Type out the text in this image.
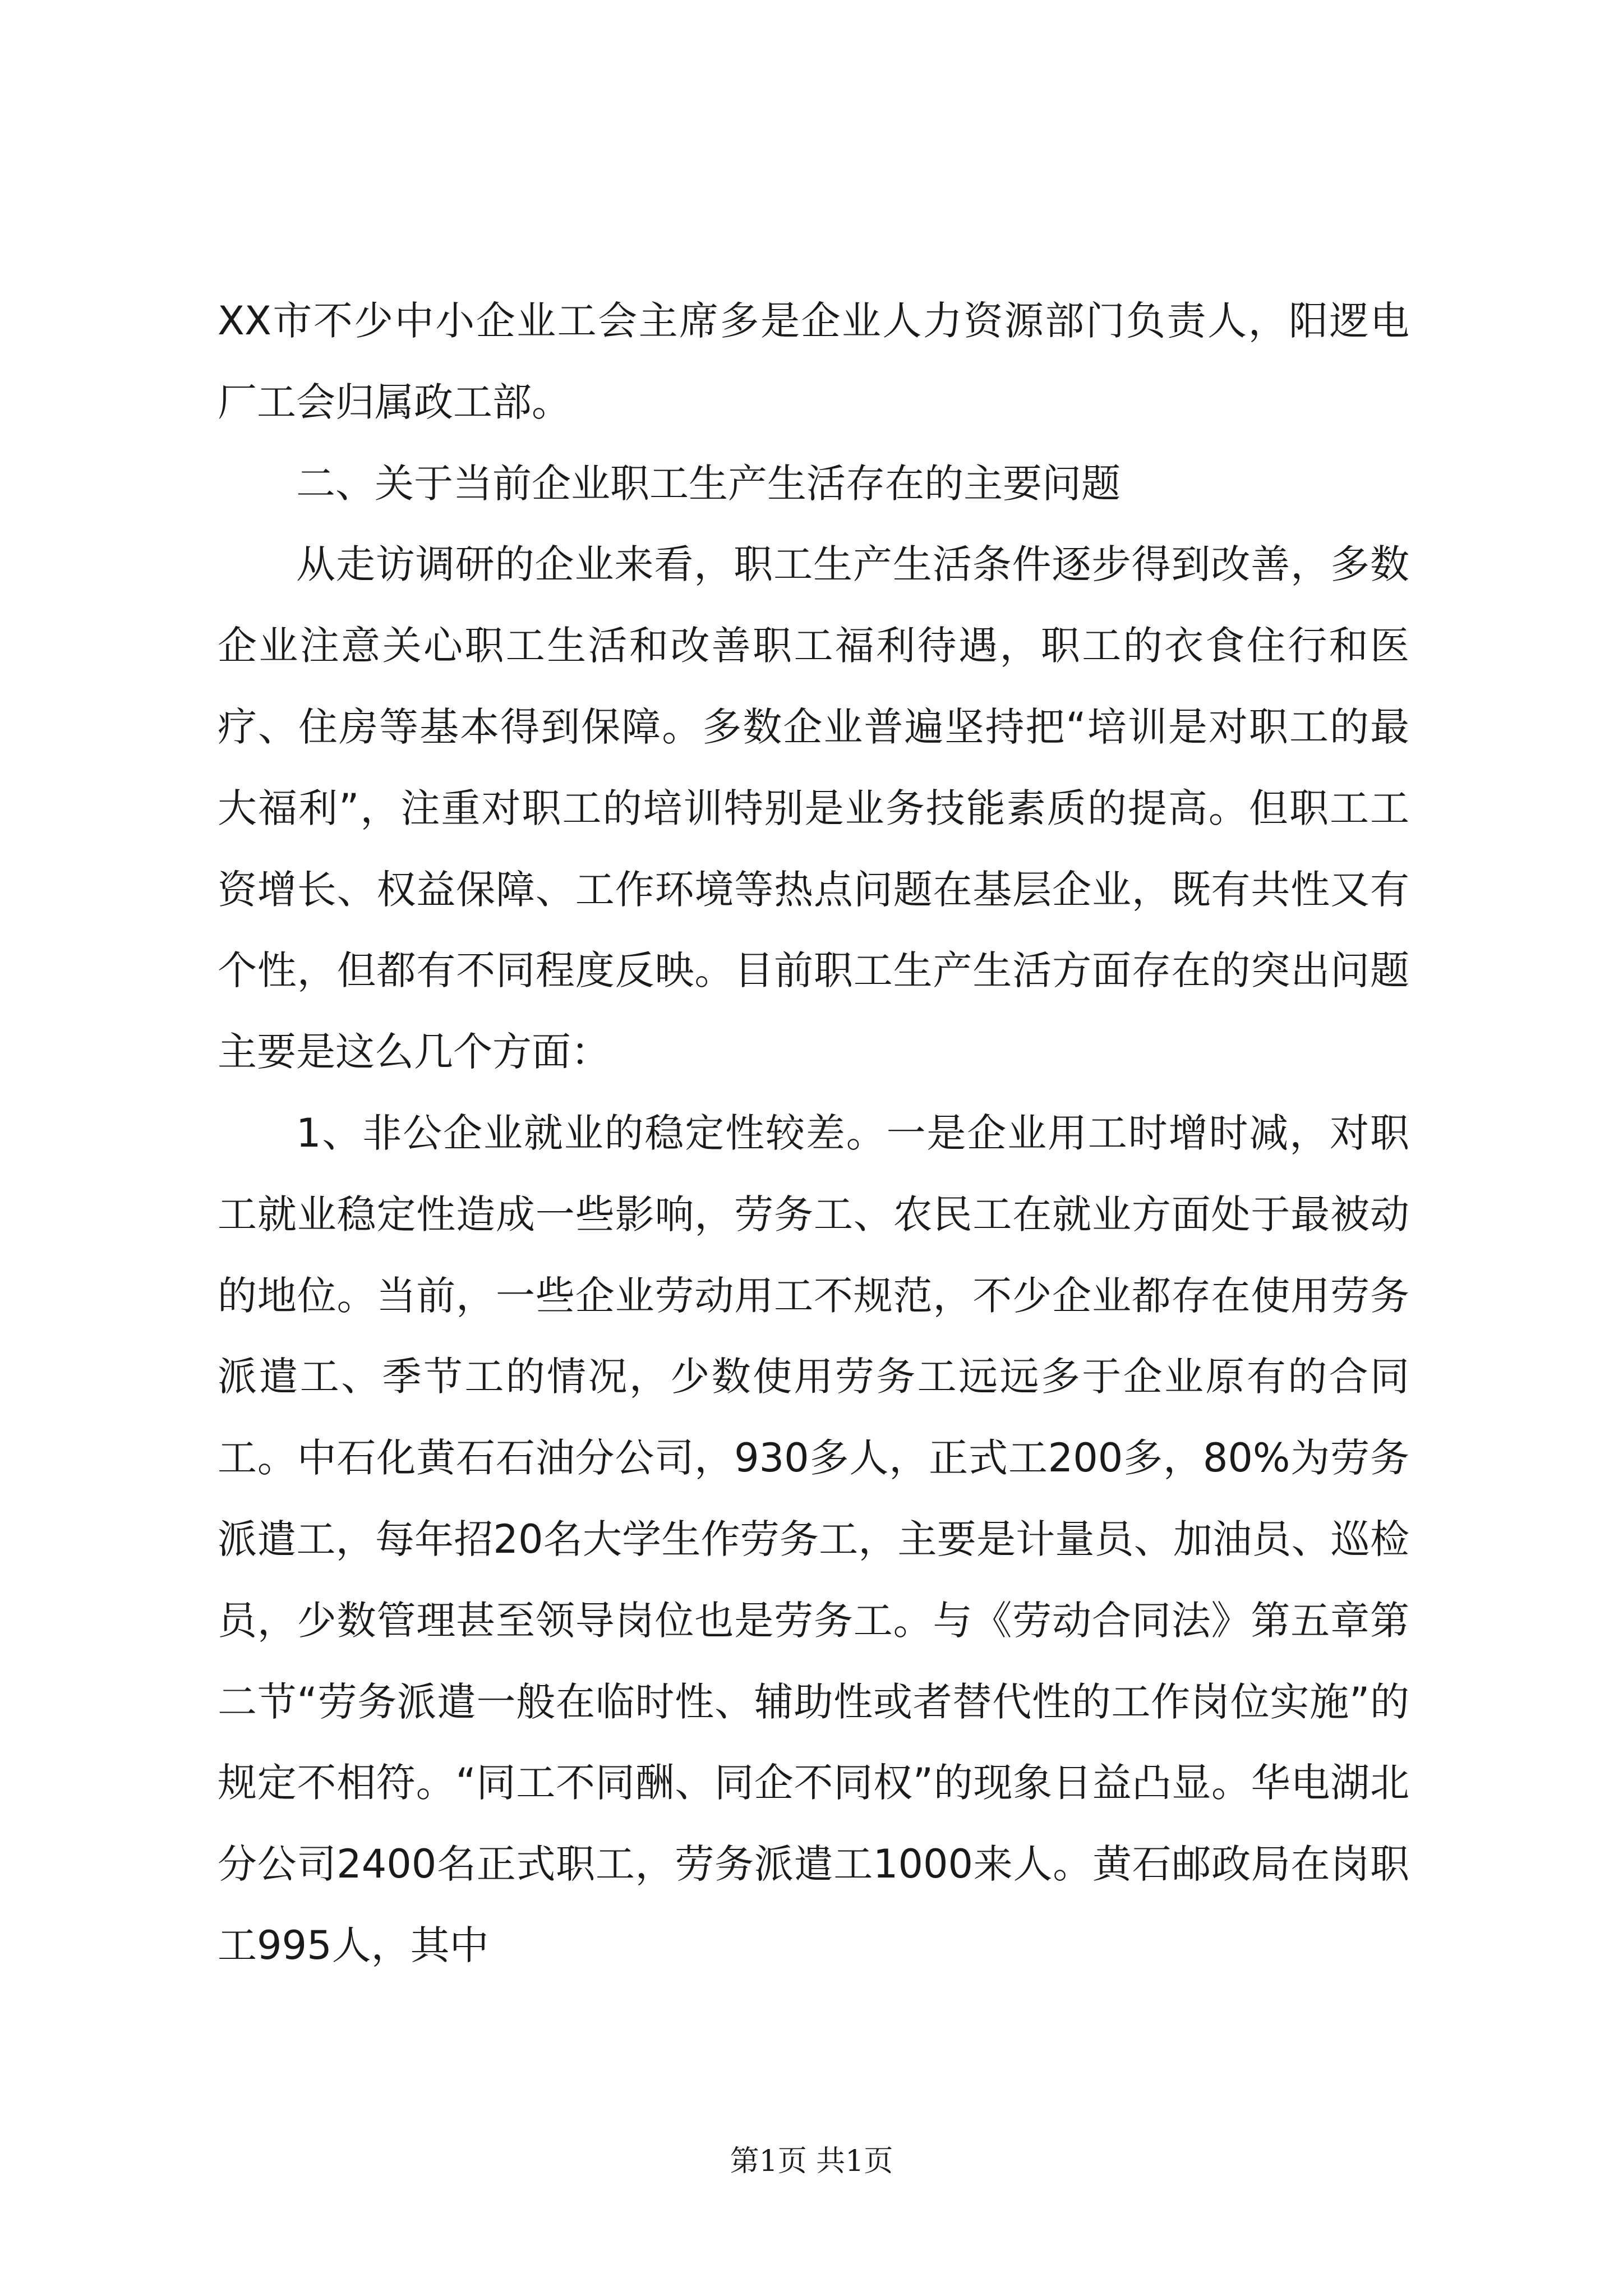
XX市不少中小企业工会主席多是企业人力资源部门负责人，阳逻电厂工会归属政工部。

二、关于当前企业职工生产生活存在的主要问题

从走访调研的企业来看，职工生产生活条件逐步得到改善，多数企业注意关心职工生活和改善职工福利待遇，职工的衣食住行和医疗、住房等基本得到保障。多数企业普遍坚持把“培训是对职工的最大福利”，注重对职工的培训特别是业务技能素质的提高。但职工工资增长、权益保障、工作环境等热点问题在基层企业，既有共性又有个性，但都有不同程度反映。目前职工生产生活方面存在的突出问题主要是这么几个方面：

1、非公企业就业的稳定性较差。一是企业用工时增时减，对职工就业稳定性造成一些影响，劳务工、农民工在就业方面处于最被动的地位。当前，一些企业劳动用工不规范，不少企业都存在使用劳务派遣工、季节工的情况，少数使用劳务工远远多于企业原有的合同工。中石化黄石石油分公司，930多人，正式工200多，80%为劳务派遣工，每年招20名大学生作劳务工，主要是计量员、加油员、巡检员，少数管理甚至领导岗位也是劳务工。与《劳动合同法》第五章第二节“劳务派遣一般在临时性、辅助性或者替代性的工作岗位实施”的规定不相符。“同工不同酬、同企不同权”的现象日益凸显。华电湖北分公司2400名正式职工，劳务派遣工1000来人。黄石邮政局在岗职工995人，其中

第1页 共1页
